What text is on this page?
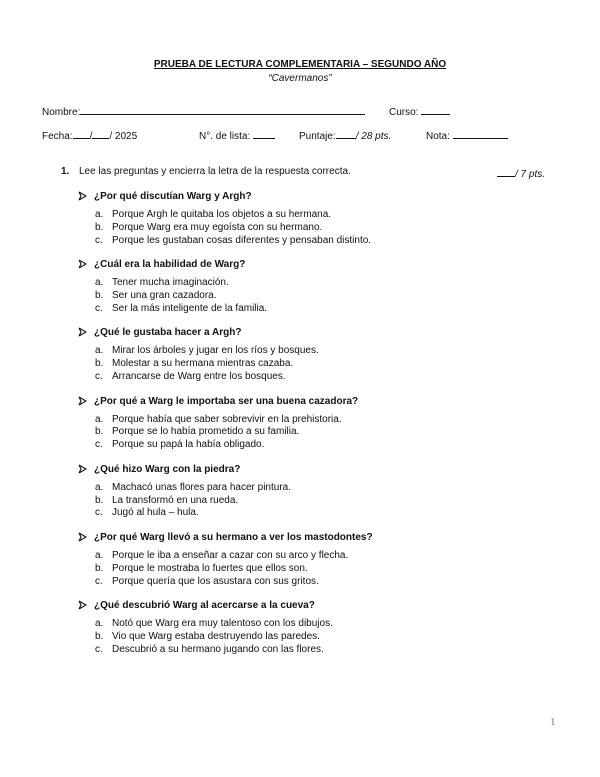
PRUEBA DE LECTURA COMPLEMENTARIA – SEGUNDO AÑO
“Cavermanos”
Nombre:	Curso:
Fecha: / / 2025	N°. de lista:	Puntaje: / 28 pts.	Nota:
1. Lee las preguntas y encierra la letra de la respuesta correcta.	/ 7 pts.
¿Por qué discutían Warg y Argh?
a. Porque Argh le quitaba los objetos a su hermana.
b. Porque Warg era muy egoísta con su hermano.
c. Porque les gustaban cosas diferentes y pensaban distinto.
¿Cuál era la habilidad de Warg?
a. Tener mucha imaginación.
b. Ser una gran cazadora.
c. Ser la más inteligente de la familia.
¿Qué le gustaba hacer a Argh?
a. Mirar los árboles y jugar en los ríos y bosques.
b. Molestar a su hermana mientras cazaba.
c. Arrancarse de Warg entre los bosques.
¿Por qué a Warg le importaba ser una buena cazadora?
a. Porque había que saber sobrevivir en la prehistoria.
b. Porque se lo había prometido a su familia.
c. Porque su papá la había obligado.
¿Qué hizo Warg con la piedra?
a. Machacó unas flores para hacer pintura.
b. La transformó en una rueda.
c. Jugó al hula – hula.
¿Por qué Warg llevó a su hermano a ver los mastodontes?
a. Porque le iba a enseñar a cazar con su arco y flecha.
b. Porque le mostraba lo fuertes que ellos son.
c. Porque quería que los asustara con sus gritos.
¿Qué descubrió Warg al acercarse a la cueva?
a. Notó que Warg era muy talentoso con los dibujos.
b. Vio que Warg estaba destruyendo las paredes.
c. Descubrió a su hermano jugando con las flores.
1
